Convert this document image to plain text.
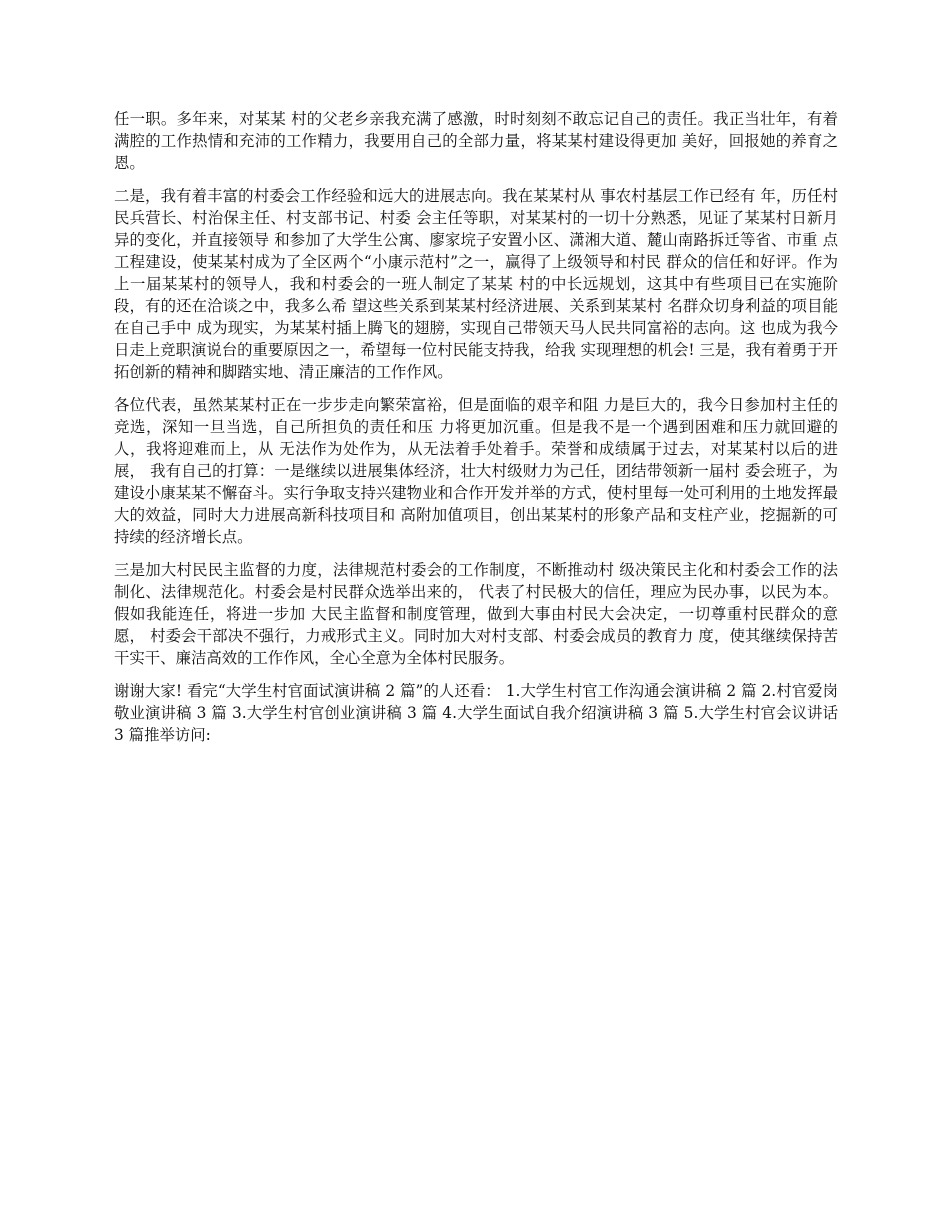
任一职。多年来，对某某 村的父老乡亲我充满了感激，时时刻刻不敢忘记自己的责任。我正当壮年，有着 满腔的工作热情和充沛的工作精力，我要用自己的全部力量，将某某村建设得更加 美好，回报她的养育之恩。

二是，我有着丰富的村委会工作经验和远大的进展志向。我在某某村从 事农村基层工作已经有 年，历任村民兵营长、村治保主任、村支部书记、村委 会主任等职，对某某村的一切十分熟悉，见证了某某村日新月异的变化，并直接领导 和参加了大学生公寓、廖家垸子安置小区、潇湘大道、麓山南路拆迁等省、市重 点工程建设，使某某村成为了全区两个“小康示范村”之一，赢得了上级领导和村民 群众的信任和好评。作为上一届某某村的领导人，我和村委会的一班人制定了某某 村的中长远规划，这其中有些项目已在实施阶段，有的还在洽谈之中，我多么希 望这些关系到某某村经济进展、关系到某某村 名群众切身利益的项目能在自己手中 成为现实，为某某村插上腾飞的翅膀，实现自己带领天马人民共同富裕的志向。这 也成为我今日走上竞职演说台的重要原因之一，希望每一位村民能支持我，给我 实现理想的机会! 三是，我有着勇于开拓创新的精神和脚踏实地、清正廉洁的工作作风。

各位代表，虽然某某村正在一步步走向繁荣富裕，但是面临的艰辛和阻 力是巨大的，我今日参加村主任的竞选，深知一旦当选，自己所担负的责任和压 力将更加沉重。但是我不是一个遇到困难和压力就回避的人，我将迎难而上，从 无法作为处作为，从无法着手处着手。荣誉和成绩属于过去，对某某村以后的进展， 我有自己的打算：一是继续以进展集体经济，壮大村级财力为己任，团结带领新一届村 委会班子，为建设小康某某不懈奋斗。实行争取支持兴建物业和合作开发并举的方式，使村里每一处可利用的土地发挥最大的效益，同时大力进展高新科技项目和 高附加值项目，创出某某村的形象产品和支柱产业，挖掘新的可持续的经济增长点。

三是加大村民民主监督的力度，法律规范村委会的工作制度，不断推动村 级决策民主化和村委会工作的法制化、法律规范化。村委会是村民群众选举出来的， 代表了村民极大的信任，理应为民办事，以民为本。假如我能连任，将进一步加 大民主监督和制度管理，做到大事由村民大会决定，一切尊重村民群众的意愿， 村委会干部决不强行，力戒形式主义。同时加大对村支部、村委会成员的教育力 度，使其继续保持苦干实干、廉洁高效的工作作风，全心全意为全体村民服务。

谢谢大家! 看完“大学生村官面试演讲稿 2 篇”的人还看： 1.大学生村官工作沟通会演讲稿 2 篇 2.村官爱岗敬业演讲稿 3 篇 3.大学生村官创业演讲稿 3 篇 4.大学生面试自我介绍演讲稿 3 篇 5.大学生村官会议讲话 3 篇推举访问:
